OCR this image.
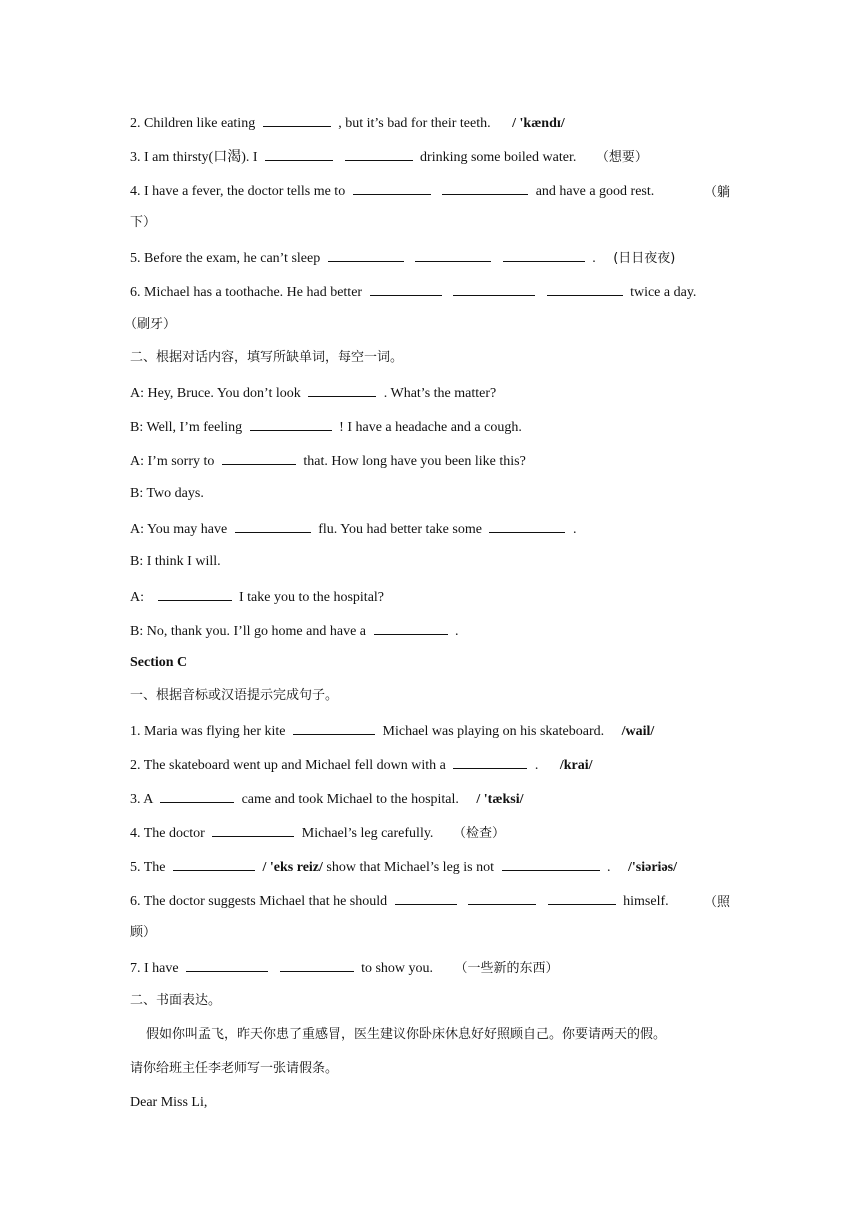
2. Children like eating	, but it’s bad for their teeth. / 'kændɪ/
3. I am thirsty(口渴). I	drinking some boiled water. （想要）
4. I have a fever, the doctor tells me to	and have a good rest.	（躺
下）
5. Before the exam, he can’t sleep	. (日日夜夜)
6. Michael has a toothache. He had better	twice a day.
（刷牙）
二、根据对话内容，填写所缺单词，每空一词。
A: Hey, Bruce. You don’t look	. What’s the matter?
B: Well, I’m feeling	! I have a headache and a cough.
A: I’m sorry to	that. How long have you been like this?
B: Two days.
A: You may have	flu. You had better take some	.
B: I think I will.
A:	I take you to the hospital?
B: No, thank you. I’ll go home and have a	.
Section C
一、根据音标或汉语提示完成句子。
1. Maria was flying her kite	Michael was playing on his skateboard. /wail/
2. The skateboard went up and Michael fell down with a	. /krai/
3. A	came and took Michael to the hospital. / 'tæksi/
4. The doctor	Michael’s leg carefully. （检查）
5. The	/ 'eks reiz/ show that Michael’s leg is not	. /'siəriəs/
6. The doctor suggests Michael that he should	himself.	（照
顾）
7. I have	to show you. （一些新的东西）
二、书面表达。
假如你叫孟飞，昨天你患了重感冒，医生建议你卧床休息好好照顾自己。你要请两天的假。
请你给班主任李老师写一张请假条。
Dear Miss Li,
